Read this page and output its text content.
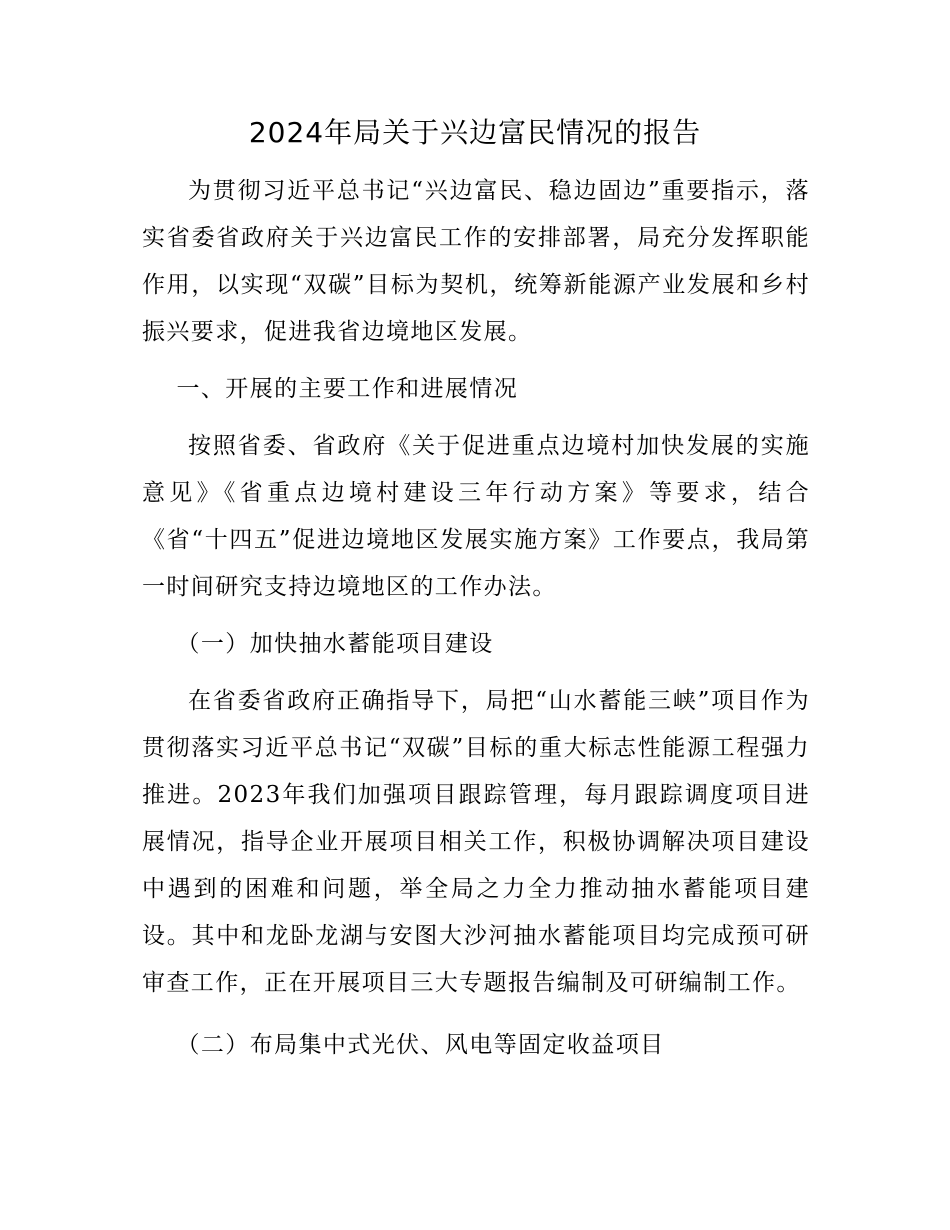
2024年局关于兴边富民情况的报告

为贯彻习近平总书记“兴边富民、稳边固边”重要指示，落实省委省政府关于兴边富民工作的安排部署，局充分发挥职能作用，以实现“双碳”目标为契机，统筹新能源产业发展和乡村振兴要求，促进我省边境地区发展。

一、开展的主要工作和进展情况

按照省委、省政府《关于促进重点边境村加快发展的实施意见》《省重点边境村建设三年行动方案》等要求，结合《省“十四五”促进边境地区发展实施方案》工作要点，我局第一时间研究支持边境地区的工作办法。

（一）加快抽水蓄能项目建设

在省委省政府正确指导下，局把“山水蓄能三峡”项目作为贯彻落实习近平总书记“双碳”目标的重大标志性能源工程强力推进。2023年我们加强项目跟踪管理，每月跟踪调度项目进展情况，指导企业开展项目相关工作，积极协调解决项目建设中遇到的困难和问题，举全局之力全力推动抽水蓄能项目建设。其中和龙卧龙湖与安图大沙河抽水蓄能项目均完成预可研审查工作，正在开展项目三大专题报告编制及可研编制工作。

（二）布局集中式光伏、风电等固定收益项目
